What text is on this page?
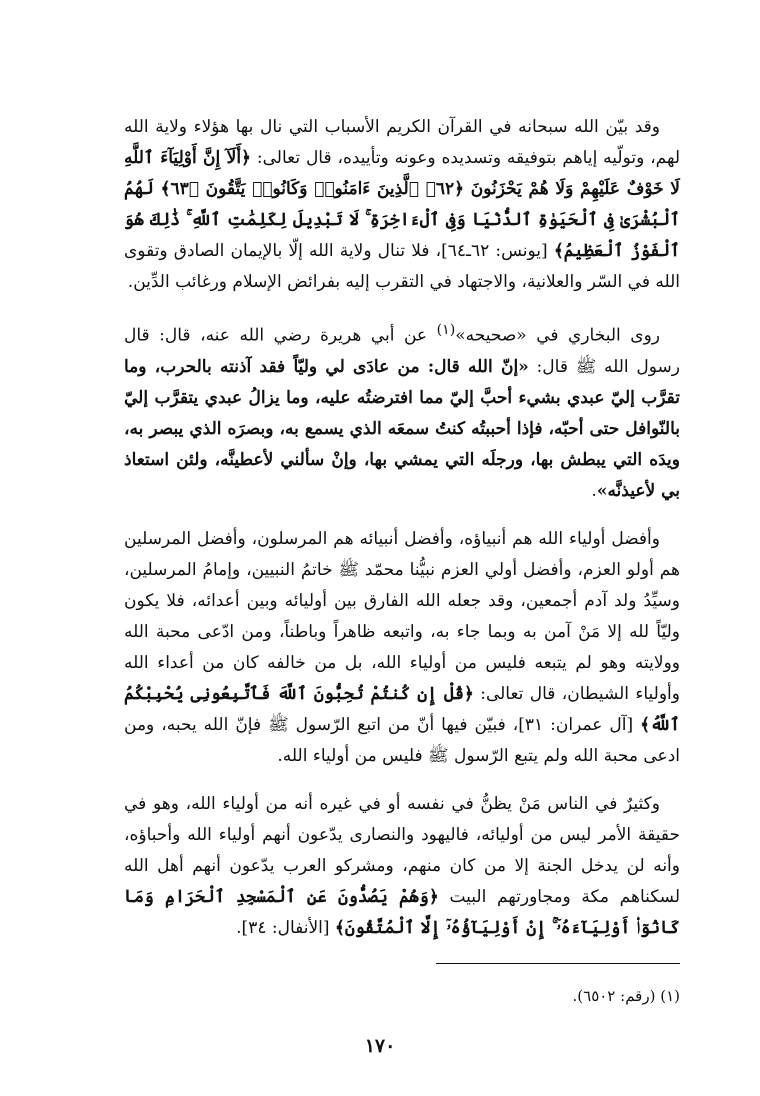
وقد بيّن الله سبحانه في القرآن الكريم الأسباب التي نال بها هؤلاء ولاية الله لهم، وتولّيه إياهم بتوفيقه وتسديده وعونه وتأييده، قال تعالى: ﴿أَلَآ إِنَّ أَوْلِيَآءَ ٱللَّهِ لَا خَوْفٌ عَلَيْهِمْ وَلَا هُمْ يَحْزَنُونَ ﴿٦٢﴾ ٱلَّذِينَ ءَامَنُوا۟ وَكَانُوا۟ يَتَّقُونَ ﴿٦٣﴾ لَهُمُ ٱلْبُشْرَىٰ فِى ٱلْحَيَوٰةِ ٱلدُّنْيَا وَفِى ٱلْءَاخِرَةِ ۚ لَا تَبْدِيلَ لِكَلِمَٰتِ ٱللَّهِ ۚ ذَٰلِكَ هُوَ ٱلْفَوْزُ ٱلْعَظِيمُ﴾ [يونس: ٦٢ـ٦٤]، فلا تنال ولاية الله إلّا بالإيمان الصادق وتقوى الله في السّر والعلانية، والاجتهاد في التقرب إليه بفرائض الإسلام ورغائب الدِّين.

روى البخاري في «صحيحه»$^{(١)}$ عن أبي هريرة رضي الله عنه، قال: قال رسول الله ﷺ قال: «إنّ الله قال: من عادَى لي وليّاً فقد آذنته بالحرب، وما تقرَّب إليّ عبدي بشيء أحبَّ إليّ مما افترضتُه عليه، وما يزالُ عبدي يتقرَّب إليّ بالنّوافل حتى أحبّه، فإذا أحببتُه كنتُ سمعَه الذي يسمع به، وبصرَه الذي يبصر به، ويدَه التي يبطش بها، ورجلَه التي يمشي بها، وإنْ سألني لأعطينَّه، ولئن استعاذ بي لأعيذنَّه».

وأفضل أولياء الله هم أنبياؤه، وأفضل أنبيائه هم المرسلون، وأفضل المرسلين هم أولو العزم، وأفضل أولي العزم نبيُّنا محمّد ﷺ خاتمُ النبيين، وإمامُ المرسلين، وسيِّدُ ولد آدم أجمعين، وقد جعله الله الفارق بين أوليائه وبين أعدائه، فلا يكون وليّاً لله إلا مَنْ آمن به وبما جاء به، واتبعه ظاهراً وباطناً، ومن ادّعى محبة الله وولايته وهو لم يتبعه فليس من أولياء الله، بل من خالفه كان من أعداء الله وأولياء الشيطان، قال تعالى: ﴿قُلْ إِن كُنتُمْ تُحِبُّونَ ٱللَّهَ فَٱتَّبِعُونِى يُحْبِبْكُمُ ٱللَّهُ﴾ [آل عمران: ٣١]، فبيّن فيها أنّ من اتبع الرّسول ﷺ فإنّ الله يحبه، ومن ادعى محبة الله ولم يتبع الرّسول ﷺ فليس من أولياء الله.

وكثيرٌ في الناس مَنْ يظنُّ في نفسه أو في غيره أنه من أولياء الله، وهو في حقيقة الأمر ليس من أوليائه، فاليهود والنصارى يدّعون أنهم أولياء الله وأحباؤه، وأنه لن يدخل الجنة إلا من كان منهم، ومشركو العرب يدّعون أنهم أهل الله لسكناهم مكة ومجاورتهم البيت ﴿وَهُمْ يَصُدُّونَ عَنِ ٱلْمَسْجِدِ ٱلْحَرَامِ وَمَا كَانُوٓا۟ أَوْلِيَآءَهُۥٓ ۚ إِنْ أَوْلِيَآؤُهُۥٓ إِلَّا ٱلْمُتَّقُونَ﴾ [الأنفال: ٣٤].

(١) (رقم: ٦٥٠٢).
١٧٠
